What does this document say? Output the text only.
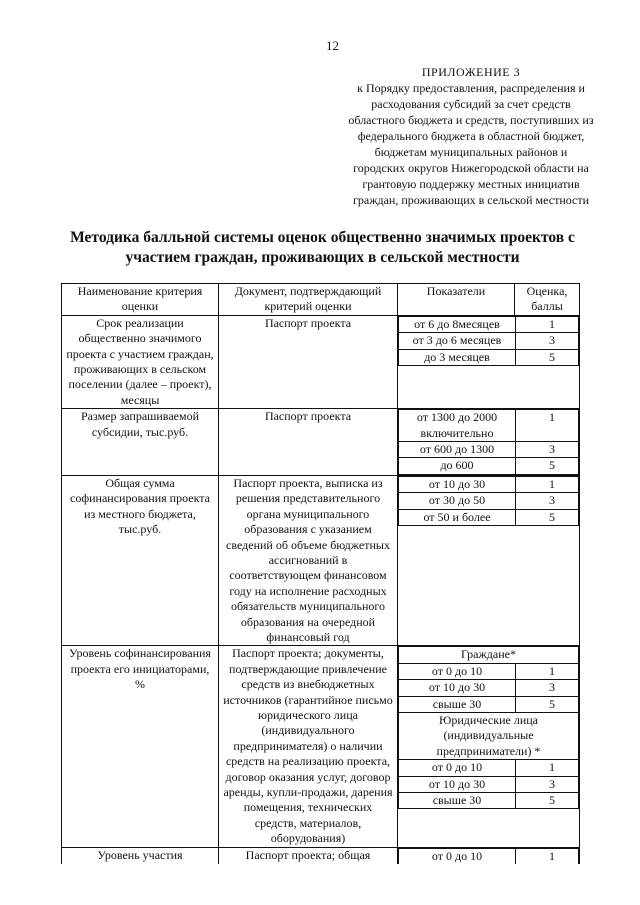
12
ПРИЛОЖЕНИЕ 3
к Порядку предоставления, распределения и
расходования субсидий за счет средств
областного бюджета и средств, поступивших из
федерального бюджета в областной бюджет,
бюджетам муниципальных районов и
городских округов Нижегородской области на
грантовую поддержку местных инициатив
граждан, проживающих в сельской местности
Методика балльной системы оценок общественно значимых проектов с
участием граждан, проживающих в сельской местности
Наименование критерия оценки	Документ, подтверждающий критерий оценки	Показатели	Оценка, баллы
Срок реализации общественно значимого проекта с участием граждан, проживающих в сельском поселении (далее – проект), месяцы	Паспорт проекта		от 6 до 8месяцев	1
от 3 до 6 месяцев	3
до 3 месяцев	5

Размер запрашиваемой субсидии, тыс.руб.	Паспорт проекта		от 1300 до 2000 включительно	1
от 600 до 1300	3
до 600	5

Общая сумма софинансирования проекта из местного бюджета, тыс.руб.	Паспорт проекта, выписка из решения представительного органа муниципального образования с указанием сведений об объеме бюджетных ассигнований в соответствующем финансовом году на исполнение расходных обязательств муниципального образования на очередной финансовый год	
от 10 до 30	1
от 30 до 50	3
от 50 и более	5

Уровень софинансирования проекта его инициаторами, %	Паспорт проекта; документы, подтверждающие привлечение средств из внебюджетных источников (гарантийное письмо юридического лица (индивидуального предпринимателя) о наличии средств на реализацию проекта, договор оказания услуг, договор аренды, купли-продажи, дарения помещения, технических средств, материалов, оборудования)	
Граждане*
от 0 до 10	1
от 10 до 30	3
свыше 30	5
Юридические лица (индивидуальные предприниматели) *
от 0 до 10	1
от 10 до 30	3
свыше 30	5

Уровень участия	Паспорт проекта; общая		от 0 до 10	1
